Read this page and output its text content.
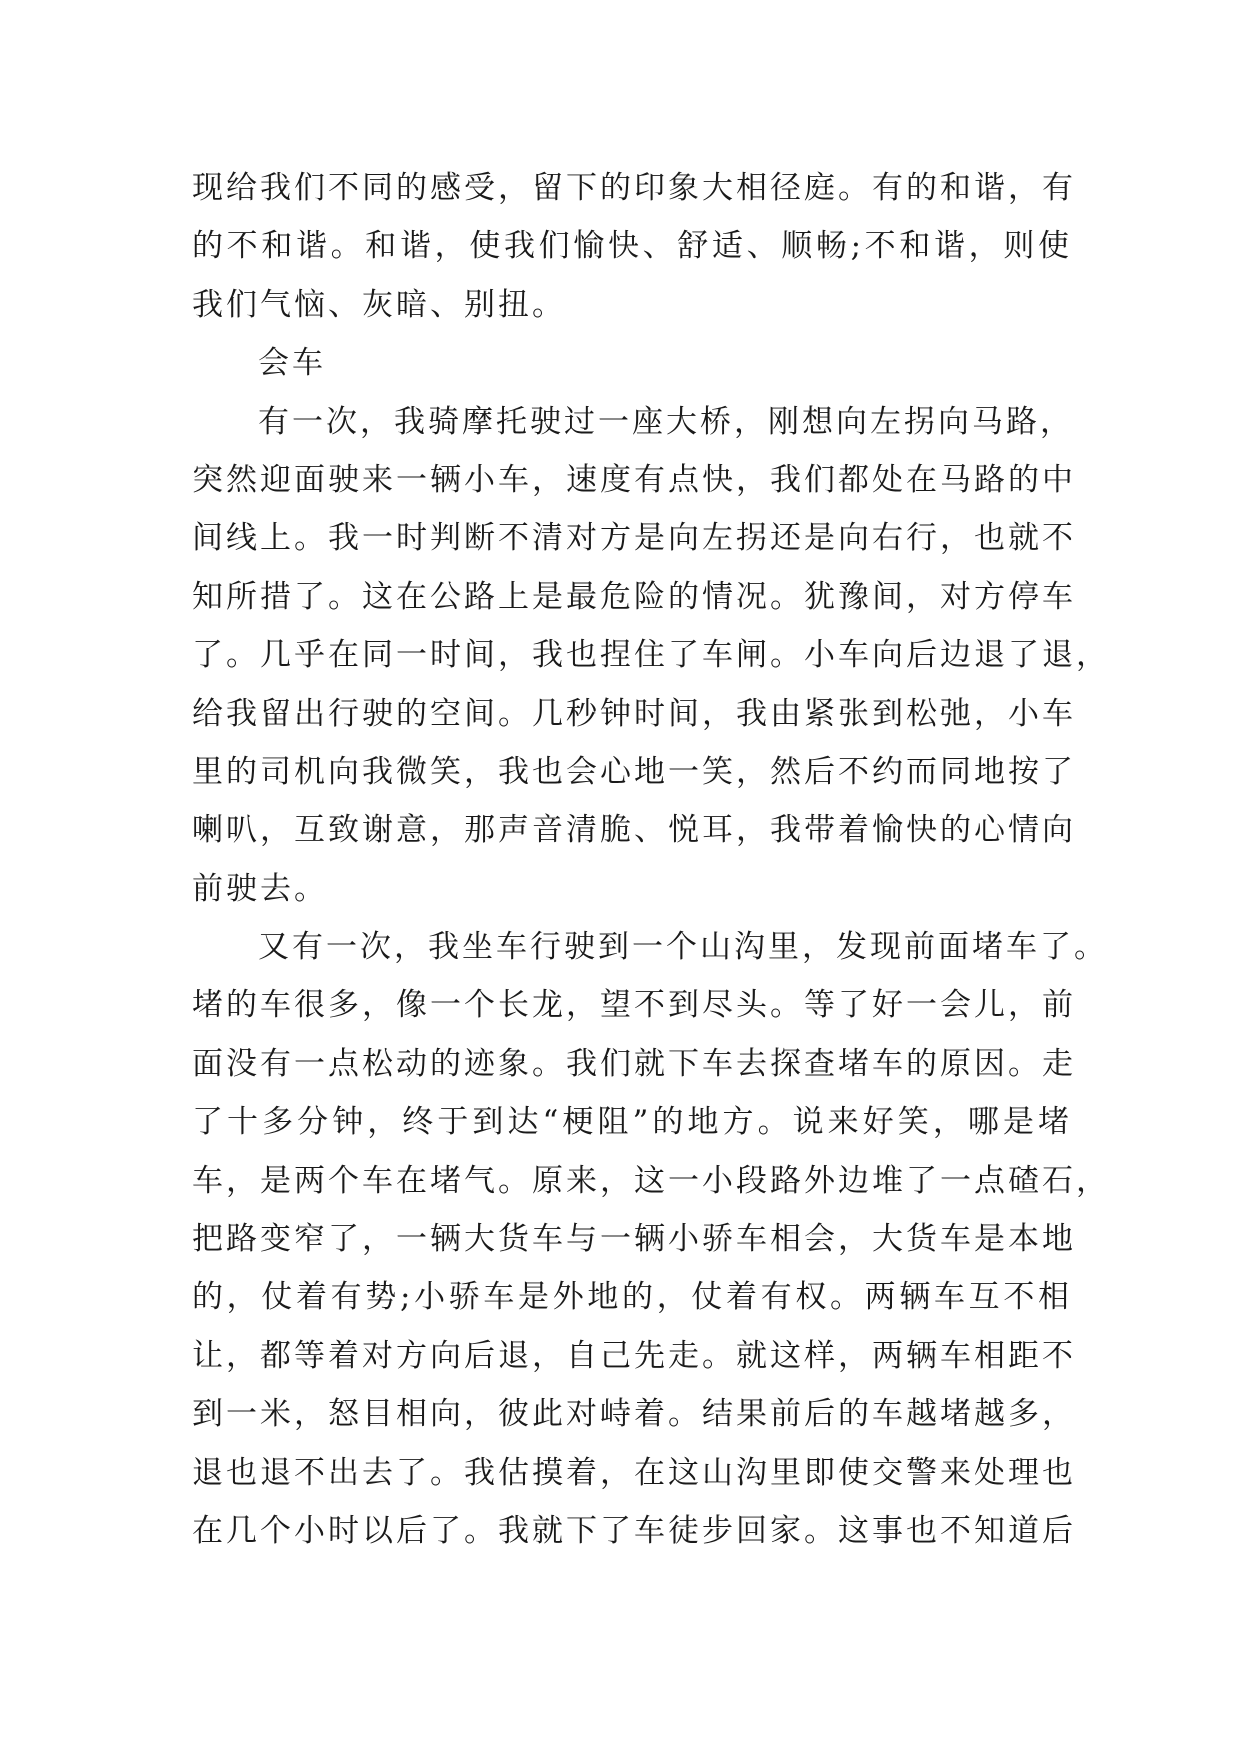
现给我们不同的感受，留下的印象大相径庭。有的和谐，有
的不和谐。和谐，使我们愉快、舒适、顺畅;不和谐，则使
我们气恼、灰暗、别扭。
会车
有一次，我骑摩托驶过一座大桥，刚想向左拐向马路，
突然迎面驶来一辆小车，速度有点快，我们都处在马路的中
间线上。我一时判断不清对方是向左拐还是向右行，也就不
知所措了。这在公路上是最危险的情况。犹豫间，对方停车
了。几乎在同一时间，我也捏住了车闸。小车向后边退了退，
给我留出行驶的空间。几秒钟时间，我由紧张到松弛，小车
里的司机向我微笑，我也会心地一笑，然后不约而同地按了
喇叭，互致谢意，那声音清脆、悦耳，我带着愉快的心情向
前驶去。
又有一次，我坐车行驶到一个山沟里，发现前面堵车了。
堵的车很多，像一个长龙，望不到尽头。等了好一会儿，前
面没有一点松动的迹象。我们就下车去探查堵车的原因。走
了十多分钟，终于到达“梗阻”的地方。说来好笑，哪是堵
车，是两个车在堵气。原来，这一小段路外边堆了一点碴石，
把路变窄了，一辆大货车与一辆小骄车相会，大货车是本地
的，仗着有势;小骄车是外地的，仗着有权。两辆车互不相
让，都等着对方向后退，自己先走。就这样，两辆车相距不
到一米，怒目相向，彼此对峙着。结果前后的车越堵越多，
退也退不出去了。我估摸着，在这山沟里即使交警来处理也
在几个小时以后了。我就下了车徒步回家。这事也不知道后
